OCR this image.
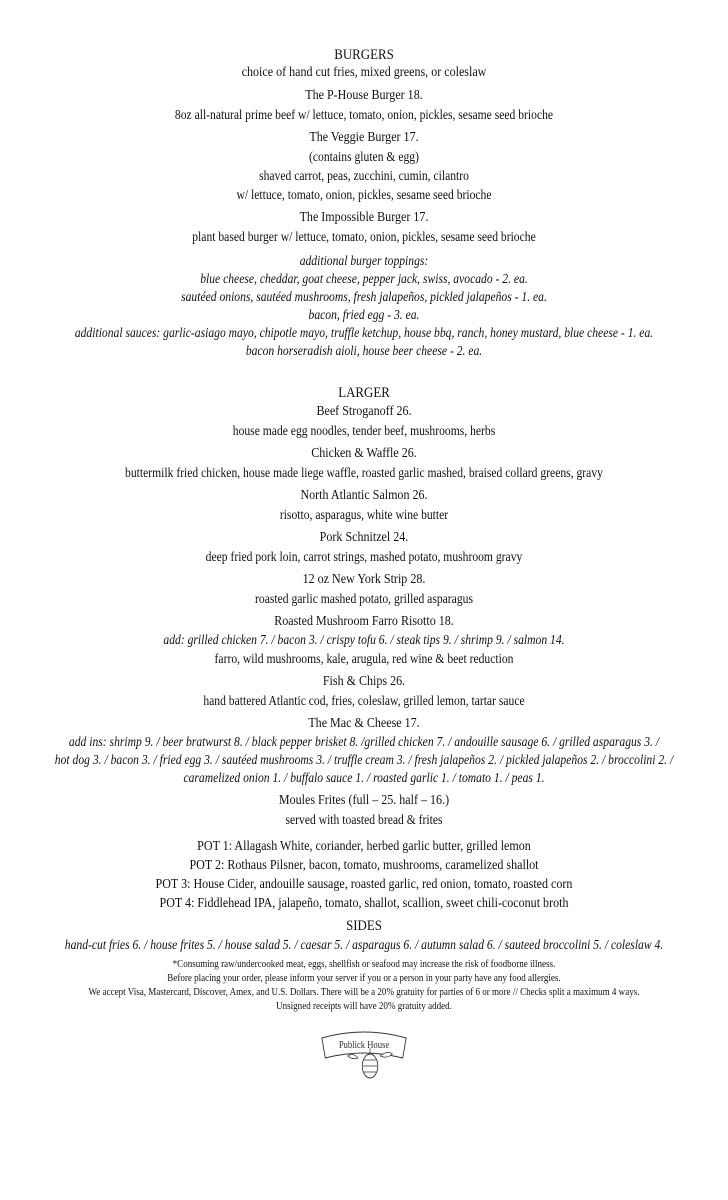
BURGERS
choice of hand cut fries, mixed greens, or coleslaw
The P-House Burger 18.
8oz all-natural prime beef w/ lettuce, tomato, onion, pickles, sesame seed brioche
The Veggie Burger 17.
(contains gluten & egg)
shaved carrot, peas, zucchini, cumin, cilantro
w/ lettuce, tomato, onion, pickles, sesame seed brioche
The Impossible Burger 17.
plant based burger w/ lettuce, tomato, onion, pickles, sesame seed brioche
additional burger toppings:
blue cheese, cheddar, goat cheese, pepper jack, swiss, avocado - 2. ea.
sautéed onions, sautéed mushrooms, fresh jalapeños, pickled jalapeños - 1. ea.
bacon, fried egg - 3. ea.
additional sauces: garlic-asiago mayo, chipotle mayo, truffle ketchup, house bbq, ranch, honey mustard, blue cheese - 1. ea.
bacon horseradish aioli, house beer cheese - 2. ea.
LARGER
Beef Stroganoff 26.
house made egg noodles, tender beef, mushrooms, herbs
Chicken & Waffle 26.
buttermilk fried chicken, house made liege waffle, roasted garlic mashed, braised collard greens, gravy
North Atlantic Salmon 26.
risotto, asparagus, white wine butter
Pork Schnitzel 24.
deep fried pork loin, carrot strings, mashed potato, mushroom gravy
12 oz New York Strip 28.
roasted garlic mashed potato, grilled asparagus
Roasted Mushroom Farro Risotto 18.
add: grilled chicken 7. / bacon 3. / crispy tofu 6. / steak tips 9. / shrimp 9. / salmon 14.
farro, wild mushrooms, kale, arugula, red wine & beet reduction
Fish & Chips 26.
hand battered Atlantic cod, fries, coleslaw, grilled lemon, tartar sauce
The Mac & Cheese 17.
add ins: shrimp 9. / beer bratwurst 8. / black pepper brisket 8. /grilled chicken 7. / andouille sausage 6. / grilled asparagus 3. /
hot dog 3. / bacon 3. / fried egg 3. / sautéed mushrooms 3. / truffle cream 3. / fresh jalapeños 2. / pickled jalapeños 2. / broccolini 2. /
caramelized onion 1. / buffalo sauce 1. / roasted garlic 1. / tomato 1. / peas 1.
Moules Frites (full – 25. half – 16.)
served with toasted bread & frites
POT 1: Allagash White, coriander, herbed garlic butter, grilled lemon
POT 2: Rothaus Pilsner, bacon, tomato, mushrooms, caramelized shallot
POT 3: House Cider, andouille sausage, roasted garlic, red onion, tomato, roasted corn
POT 4: Fiddlehead IPA, jalapeño, tomato, shallot, scallion, sweet chili-coconut broth
SIDES
hand-cut fries 6. / house frites 5. / house salad 5. / caesar 5. / asparagus 6. / autumn salad 6. / sauteed broccolini 5. / coleslaw 4.
*Consuming raw/undercooked meat, eggs, shellfish or seafood may increase the risk of foodborne illness.
Before placing your order, please inform your server if you or a person in your party have any food allergies.
We accept Visa, Mastercard, Discover, Amex, and U.S. Dollars. There will be a 20% gratuity for parties of 6 or more // Checks split a maximum 4 ways.
Unsigned receipts will have 20% gratuity added.
Publick House
